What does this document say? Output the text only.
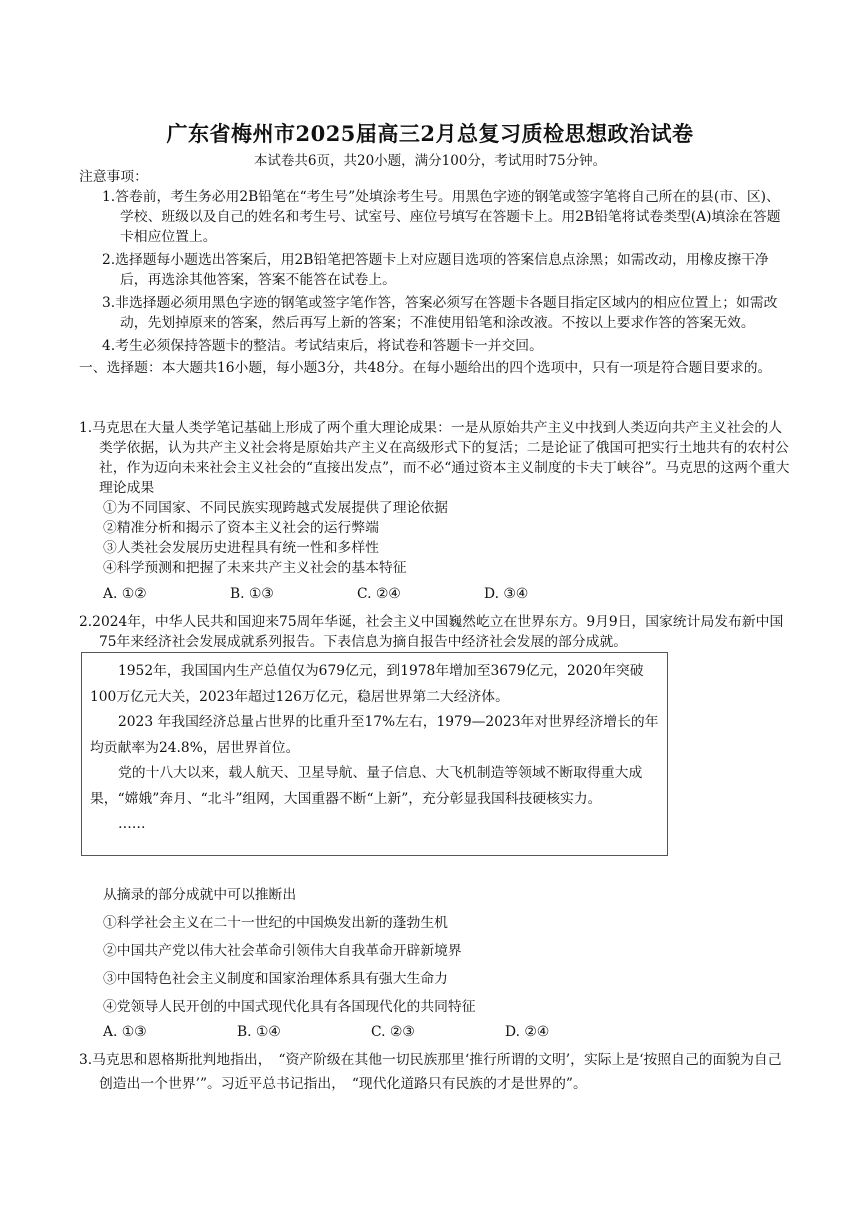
广东省梅州市2025届高三2月总复习质检思想政治试卷
本试卷共6页，共20小题，满分100分，考试用时75分钟。
注意事项：
1.答卷前，考生务必用2B铅笔在“考生号”处填涂考生号。用黑色字迹的钢笔或签字笔将自己所在的县(市、区)、学校、班级以及自己的姓名和考生号、试室号、座位号填写在答题卡上。用2B铅笔将试卷类型(A)填涂在答题卡相应位置上。
2.选择题每小题选出答案后，用2B铅笔把答题卡上对应题目选项的答案信息点涂黑；如需改动，用橡皮擦干净后，再选涂其他答案，答案不能答在试卷上。
3.非选择题必须用黑色字迹的钢笔或签字笔作答，答案必须写在答题卡各题目指定区域内的相应位置上；如需改动，先划掉原来的答案，然后再写上新的答案；不准使用铅笔和涂改液。不按以上要求作答的答案无效。
4.考生必须保持答题卡的整洁。考试结束后，将试卷和答题卡一并交回。
一、选择题：本大题共16小题，每小题3分，共48分。在每小题给出的四个选项中，只有一项是符合题目要求的。
1.马克思在大量人类学笔记基础上形成了两个重大理论成果：一是从原始共产主义中找到人类迈向共产主义社会的人类学依据，认为共产主义社会将是原始共产主义在高级形式下的复活；二是论证了俄国可把实行土地共有的农村公社，作为迈向未来社会主义社会的“直接出发点”，而不必“通过资本主义制度的卡夫丁峡谷”。马克思的这两个重大理论成果
①为不同国家、不同民族实现跨越式发展提供了理论依据
②精准分析和揭示了资本主义社会的运行弊端
③人类社会发展历史进程具有统一性和多样性
④科学预测和把握了未来共产主义社会的基本特征
A. ①②	B. ①③	C. ②④	D. ③④
2.2024年，中华人民共和国迎来75周年华诞，社会主义中国巍然屹立在世界东方。9月9日，国家统计局发布新中国75年来经济社会发展成就系列报告。下表信息为摘自报告中经济社会发展的部分成就。

1952年，我国国内生产总值仅为679亿元，到1978年增加至3679亿元，2020年突破100万亿元大关，2023年超过126万亿元，稳居世界第二大经济体。

2023 年我国经济总量占世界的比重升至17%左右，1979—2023年对世界经济增长的年均贡献率为24.8%，居世界首位。

党的十八大以来，载人航天、卫星导航、量子信息、大飞机制造等领域不断取得重大成果，“嫦娥”奔月、“北斗”组网，大国重器不断“上新”，充分彰显我国科技硬核实力。

……

从摘录的部分成就中可以推断出
①科学社会主义在二十一世纪的中国焕发出新的蓬勃生机
②中国共产党以伟大社会革命引领伟大自我革命开辟新境界
③中国特色社会主义制度和国家治理体系具有强大生命力
④党领导人民开创的中国式现代化具有各国现代化的共同特征
A. ①③	B. ①④	C. ②③	D. ②④
3.马克思和恩格斯批判地指出，　“资产阶级在其他一切民族那里‘推行所谓的文明’，实际上是‘按照自己的面貌为自己创造出一个世界’”。习近平总书记指出，　“现代化道路只有民族的才是世界的”。
